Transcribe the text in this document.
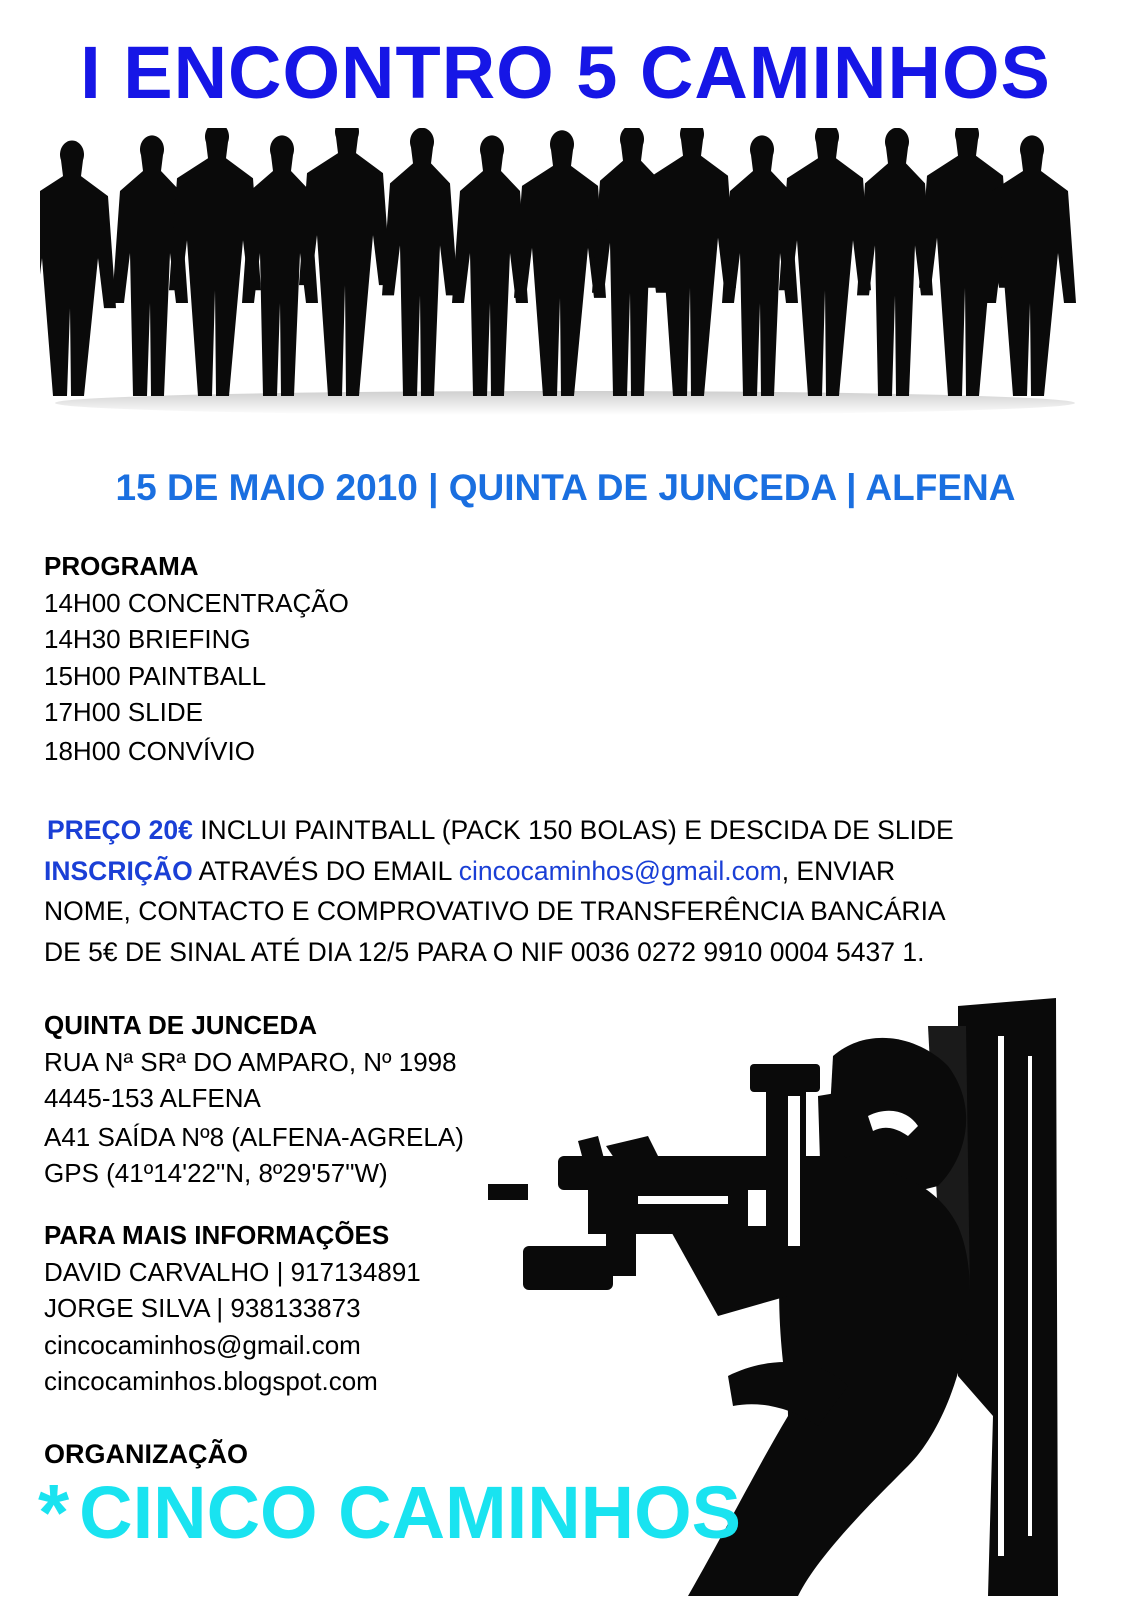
I ENCONTRO 5 CAMINHOS
15 DE MAIO 2010 | QUINTA DE JUNCEDA | ALFENA
PROGRAMA
14H00 CONCENTRAÇÃO
14H30 BRIEFING
15H00 PAINTBALL
17H00 SLIDE
18H00 CONVÍVIO
PREÇO 20€ INCLUI PAINTBALL (PACK 150 BOLAS) E DESCIDA DE SLIDE
INSCRIÇÃO ATRAVÉS DO EMAIL cincocaminhos@gmail.com, ENVIAR
NOME, CONTACTO E COMPROVATIVO DE TRANSFERÊNCIA BANCÁRIA
DE 5€ DE SINAL ATÉ DIA 12/5 PARA O NIF 0036 0272 9910 0004 5437 1.
QUINTA DE JUNCEDA
RUA Nª SRª DO AMPARO, Nº 1998
4445-153 ALFENA
A41 SAÍDA Nº8 (ALFENA-AGRELA)
GPS (41º14'22"N, 8º29'57"W)
PARA MAIS INFORMAÇÕES
DAVID CARVALHO | 917134891
JORGE SILVA | 938133873
cincocaminhos@gmail.com
cincocaminhos.blogspot.com
ORGANIZAÇÃO
* CINCO CAMINHOS
